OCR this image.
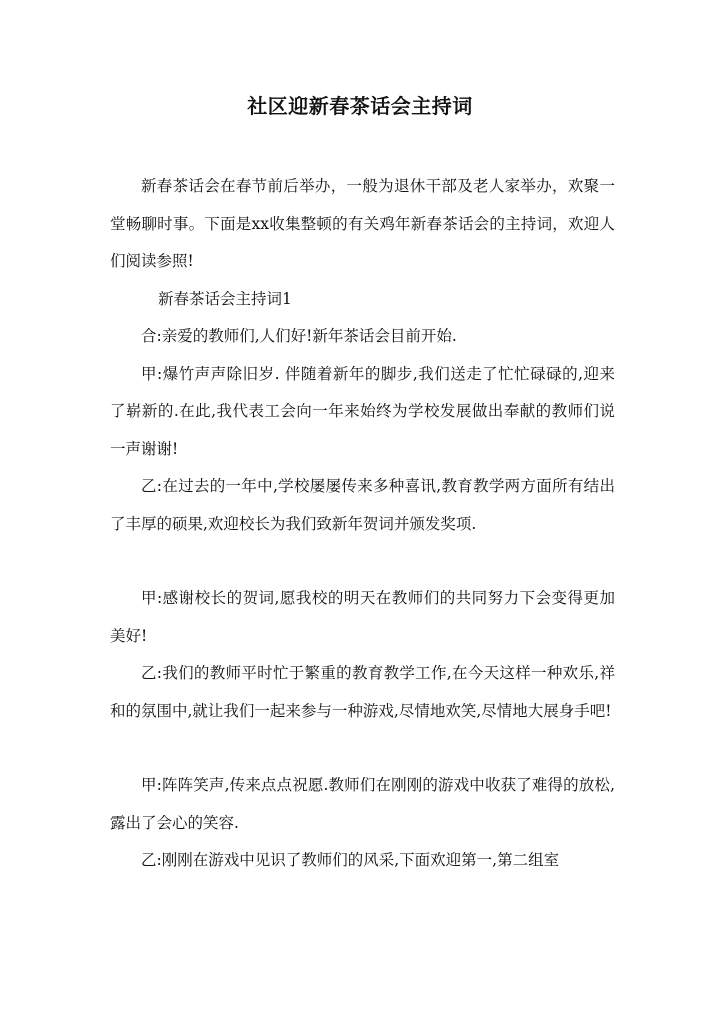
社区迎新春茶话会主持词

新春茶话会在春节前后举办，一般为退休干部及老人家举办，欢聚一堂畅聊时事。下面是xx收集整顿的有关鸡年新春茶话会的主持词，欢迎人们阅读参照!

新春茶话会主持词1

合:亲爱的教师们,人们好!新年茶话会目前开始.

甲:爆竹声声除旧岁. 伴随着新年的脚步,我们送走了忙忙碌碌的,迎来了崭新的.在此,我代表工会向一年来始终为学校发展做出奉献的教师们说一声谢谢!

乙:在过去的一年中,学校屡屡传来多种喜讯,教育教学两方面所有结出了丰厚的硕果,欢迎校长为我们致新年贺词并颁发奖项.

甲:感谢校长的贺词,愿我校的明天在教师们的共同努力下会变得更加美好!

乙:我们的教师平时忙于繁重的教育教学工作,在今天这样一种欢乐,祥和的氛围中,就让我们一起来参与一种游戏,尽情地欢笑,尽情地大展身手吧!

甲:阵阵笑声,传来点点祝愿.教师们在刚刚的游戏中收获了难得的放松,露出了会心的笑容.

乙:刚刚在游戏中见识了教师们的风采,下面欢迎第一,第二组室
